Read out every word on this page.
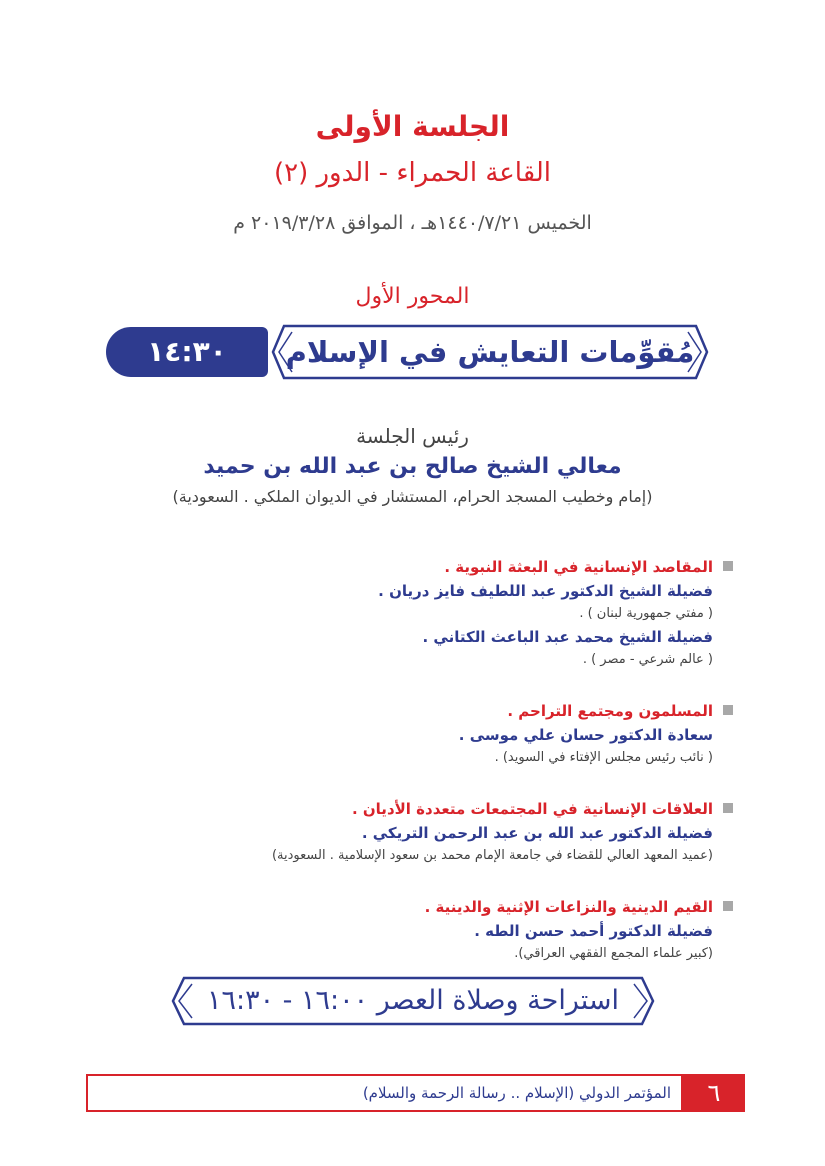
الجلسة الأولى
القاعة الحمراء - الدور (٢)
الخميس ١٤٤٠/٧/٢١هـ ، الموافق ٢٠١٩/٣/٢٨ م
المحور الأول
مُقوِّمات التعايش في الإسلام
١٤:٣٠ -١٦:٠٠
رئيس الجلسة
معالي الشيخ صالح بن عبد الله بن حميد
(إمام وخطيب المسجد الحرام، المستشار في الديوان الملكي . السعودية)
المقاصد الإنسانية في البعثة النبوية .
فضيلة الشيخ الدكتور عبد اللطيف فايز دريان .
( مفتي جمهورية لبنان ) .
فضيلة الشيخ محمد عبد الباعث الكتاني .
( عالم شرعي - مصر ) .
المسلمون ومجتمع التراحم .
سعادة الدكتور حسان علي موسى .
( نائب رئيس مجلس الإفتاء في السويد) .
العلاقات الإنسانية في المجتمعات متعددة الأديان .
فضيلة الدكتور عبد الله بن عبد الرحمن التريكي .
(عميد المعهد العالي للقضاء في جامعة الإمام محمد بن سعود الإسلامية . السعودية)
القيم الدينية والنزاعات الإثنية والدينية .
فضيلة الدكتور أحمد حسن الطه .
(كبير علماء المجمع الفقهي العراقي).
استراحة وصلاة العصر ١٦:٠٠ - ١٦:٣٠
المؤتمر الدولي (الإسلام .. رسالة الرحمة والسلام)	٦
